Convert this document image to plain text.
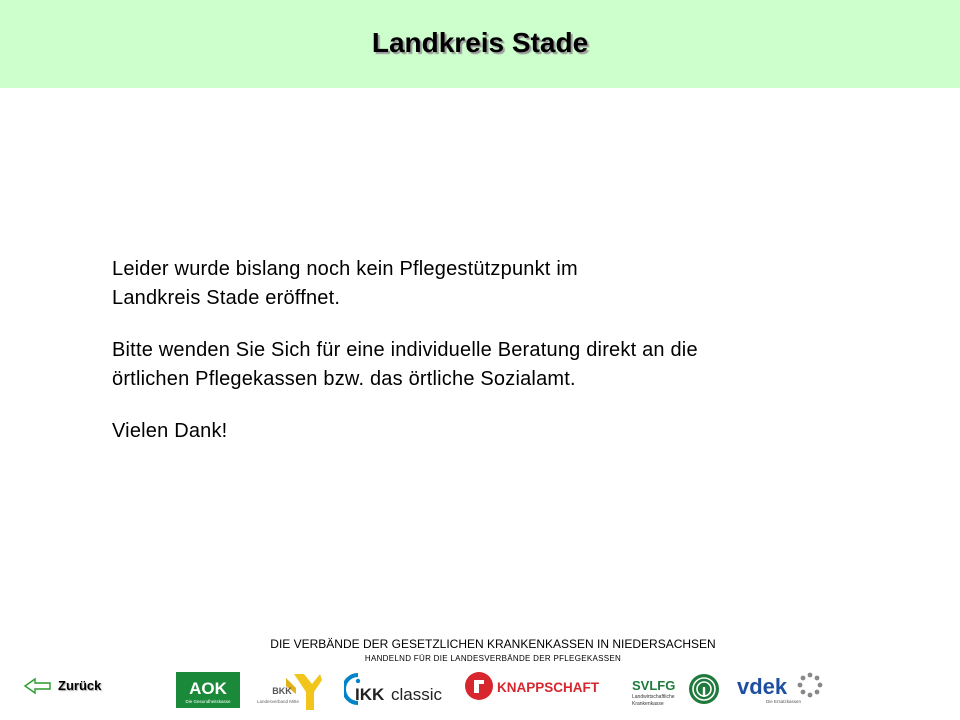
Landkreis Stade

Leider wurde bislang noch kein Pflegestützpunkt im

Landkreis Stade eröffnet.

Bitte wenden Sie Sich für eine individuelle Beratung direkt an die

örtlichen Pflegekassen bzw. das örtliche Sozialamt.

Vielen Dank!

DIE VERBÄNDE DER GESETZLICHEN KRANKENKASSEN IN NIEDERSACHSEN
HANDELND FÜR DIE LANDESVERBÄNDE DER PFLEGEKASSEN
Zurück	AOK
Die Gesundheitskasse
BKK
Landesverband Mitte	IKK classic	KNAPPSCHAFT	SVLFG
Landwirtschaftliche
Krankenkasse
vdek
Die Ersatzkassen
